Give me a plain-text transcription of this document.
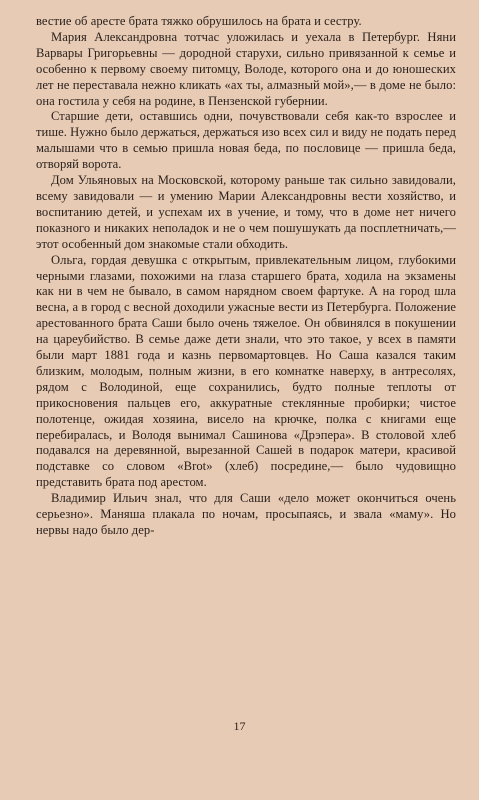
вестие об аресте брата тяжко обрушилось на брата и сестру.

Мария Александровна тотчас уложилась и уехала в Петербург. Няни Варвары Григорьевны — дородной старухи, сильно привязанной к семье и особенно к первому своему питомцу, Володе, которого она и до юношеских лет не переставала нежно кликать «ах ты, алмазный мой»,— в доме не было: она гостила у себя на родине, в Пензенской губернии.

Старшие дети, оставшись одни, почувствовали себя как-то взрослее и тише. Нужно было держаться, держаться изо всех сил и виду не подать перед малышами что в семью пришла новая беда, по пословице — пришла беда, отворяй ворота.

Дом Ульяновых на Московской, которому раньше так сильно завидовали, всему завидовали — и умению Марии Александровны вести хозяйство, и воспитанию детей, и успехам их в учение, и тому, что в доме нет ничего показного и никаких неполадок и не о чем пошушукать да посплетничать,— этот особенный дом знакомые стали обходить.

Ольга, гордая девушка с открытым, привлекательным лицом, глубокими черными глазами, похожими на глаза старшего брата, ходила на экзамены как ни в чем не бывало, в самом нарядном своем фартуке. А на город шла весна, а в город с весной доходили ужасные вести из Петербурга. Положение арестованного брата Саши было очень тяжелое. Он обвинялся в покушении на цареубийство. В семье даже дети знали, что это такое, у всех в памяти были март 1881 года и казнь первомартовцев. Но Саша казался таким близким, молодым, полным жизни, в его комнатке наверху, в антресолях, рядом с Володиной, еще сохранились, будто полные теплоты от прикосновения пальцев его, аккуратные стеклянные пробирки; чистое полотенце, ожидая хозяина, висело на крючке, полка с книгами еще перебиралась, и Володя вынимал Сашинова «Дрэпера». В столовой хлеб подавался на деревянной, вырезанной Сашей в подарок матери, красивой подставке со словом «Brot» (хлеб) посредине,— было чудовищно представить брата под арестом.

Владимир Ильич знал, что для Саши «дело может окончиться очень серьезно». Маняша плакала по ночам, просыпаясь, и звала «маму». Но нервы надо было дер-

17
